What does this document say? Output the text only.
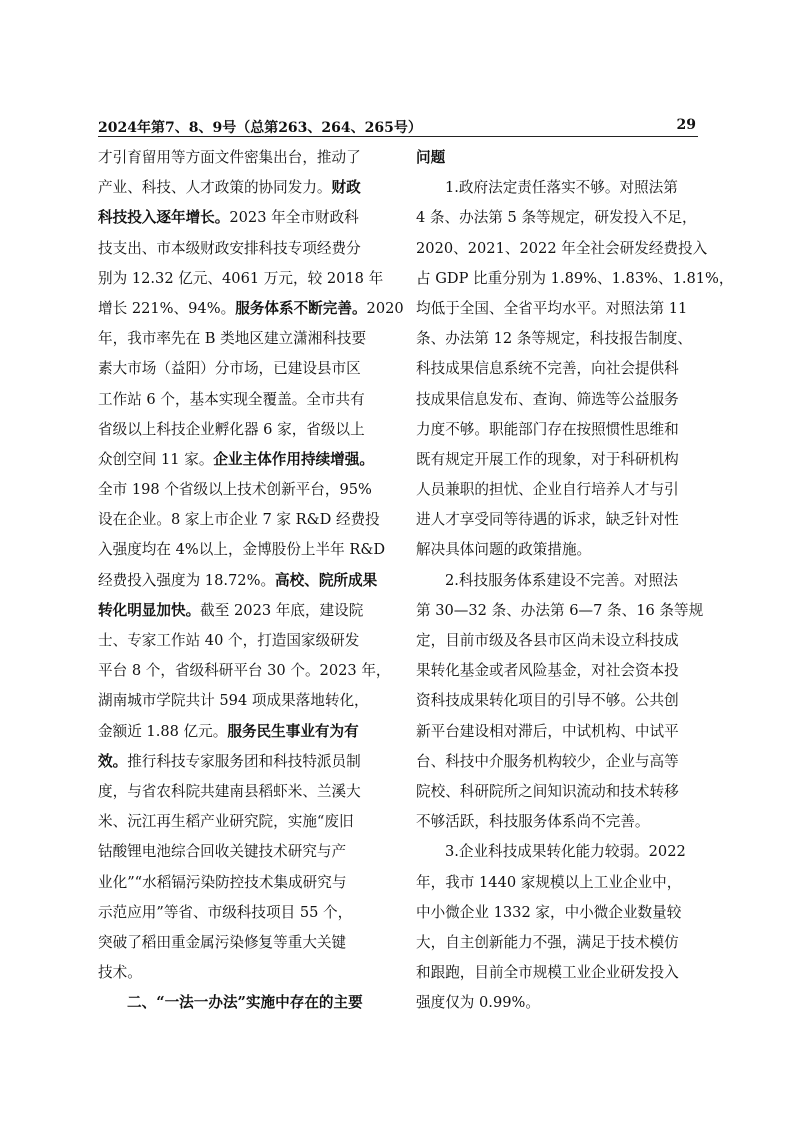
2024年第7、8、9号（总第263、264、265号）	29
才引育留用等方面文件密集出台，推动了
产业、科技、人才政策的协同发力。财政
科技投入逐年增长。2023 年全市财政科
技支出、市本级财政安排科技专项经费分
别为 12.32 亿元、4061 万元，较 2018 年
增长 221%、94%。服务体系不断完善。2020
年，我市率先在 B 类地区建立潇湘科技要
素大市场（益阳）分市场，已建设县市区
工作站 6 个，基本实现全覆盖。全市共有
省级以上科技企业孵化器 6 家，省级以上
众创空间 11 家。企业主体作用持续增强。
全市 198 个省级以上技术创新平台，95%
设在企业。8 家上市企业 7 家 R&D 经费投
入强度均在 4%以上，金博股份上半年 R&D
经费投入强度为 18.72%。高校、院所成果
转化明显加快。截至 2023 年底，建设院
士、专家工作站 40 个，打造国家级研发
平台 8 个，省级科研平台 30 个。2023 年，
湖南城市学院共计 594 项成果落地转化，
金额近 1.88 亿元。服务民生事业有为有
效。推行科技专家服务团和科技特派员制
度，与省农科院共建南县稻虾米、兰溪大
米、沅江再生稻产业研究院，实施“废旧
钴酸锂电池综合回收关键技术研究与产
业化”“水稻镉污染防控技术集成研究与
示范应用”等省、市级科技项目 55 个，
突破了稻田重金属污染修复等重大关键
技术。
二、“一法一办法”实施中存在的主要
问题
1.政府法定责任落实不够。对照法第
4 条、办法第 5 条等规定，研发投入不足，
2020、2021、2022 年全社会研发经费投入
占 GDP 比重分别为 1.89%、1.83%、1.81%，
均低于全国、全省平均水平。对照法第 11
条、办法第 12 条等规定，科技报告制度、
科技成果信息系统不完善，向社会提供科
技成果信息发布、查询、筛选等公益服务
力度不够。职能部门存在按照惯性思维和
既有规定开展工作的现象，对于科研机构
人员兼职的担忧、企业自行培养人才与引
进人才享受同等待遇的诉求，缺乏针对性
解决具体问题的政策措施。
2.科技服务体系建设不完善。对照法
第 30—32 条、办法第 6—7 条、16 条等规
定，目前市级及各县市区尚未设立科技成
果转化基金或者风险基金，对社会资本投
资科技成果转化项目的引导不够。公共创
新平台建设相对滞后，中试机构、中试平
台、科技中介服务机构较少，企业与高等
院校、科研院所之间知识流动和技术转移
不够活跃，科技服务体系尚不完善。
3.企业科技成果转化能力较弱。2022
年，我市 1440 家规模以上工业企业中，
中小微企业 1332 家，中小微企业数量较
大，自主创新能力不强，满足于技术模仿
和跟跑，目前全市规模工业企业研发投入
强度仅为 0.99%。
